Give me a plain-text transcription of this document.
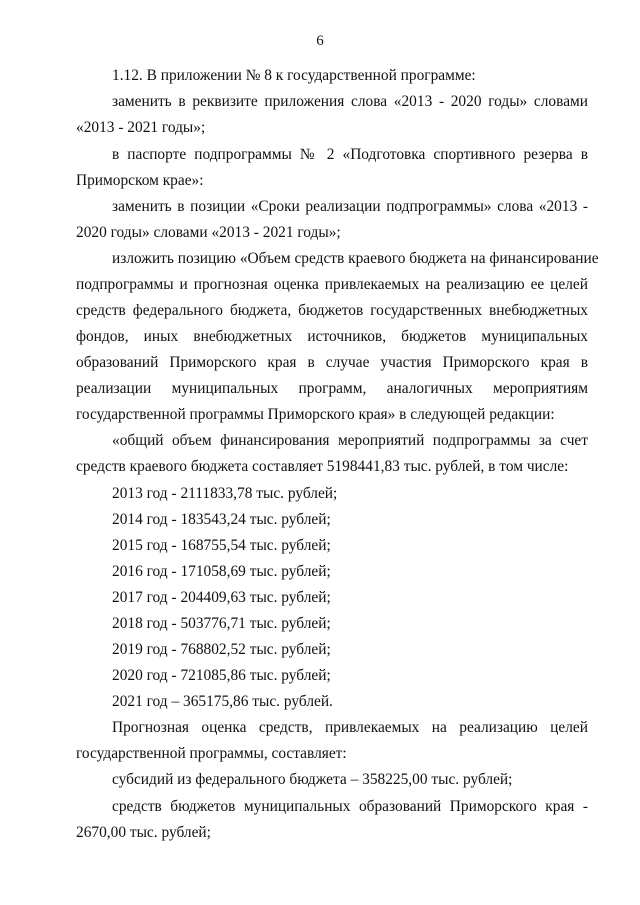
6
1.12. В приложении № 8 к государственной программе:
заменить в реквизите приложения слова «2013 - 2020 годы» словами
«2013 - 2021 годы»;
в паспорте подпрограммы № 2 «Подготовка спортивного резерва в
Приморском крае»:
заменить в позиции «Сроки реализации подпрограммы» слова «2013 -
2020 годы» словами «2013 - 2021 годы»;
изложить позицию «Объем средств краевого бюджета на финансирование
подпрограммы и прогнозная оценка привлекаемых на реализацию ее целей
средств федерального бюджета, бюджетов государственных внебюджетных
фондов, иных внебюджетных источников, бюджетов муниципальных
образований Приморского края в случае участия Приморского края в
реализации муниципальных программ, аналогичных мероприятиям
государственной программы Приморского края» в следующей редакции:
«общий объем финансирования мероприятий подпрограммы за счет
средств краевого бюджета составляет 5198441,83 тыс. рублей, в том числе:
2013 год - 2111833,78 тыс. рублей;
2014 год - 183543,24 тыс. рублей;
2015 год - 168755,54 тыс. рублей;
2016 год - 171058,69 тыс. рублей;
2017 год - 204409,63 тыс. рублей;
2018 год - 503776,71 тыс. рублей;
2019 год - 768802,52 тыс. рублей;
2020 год - 721085,86 тыс. рублей;
2021 год – 365175,86 тыс. рублей.
Прогнозная оценка средств, привлекаемых на реализацию целей
государственной программы, составляет:
субсидий из федерального бюджета – 358225,00 тыс. рублей;
средств бюджетов муниципальных образований Приморского края -
2670,00 тыс. рублей;
